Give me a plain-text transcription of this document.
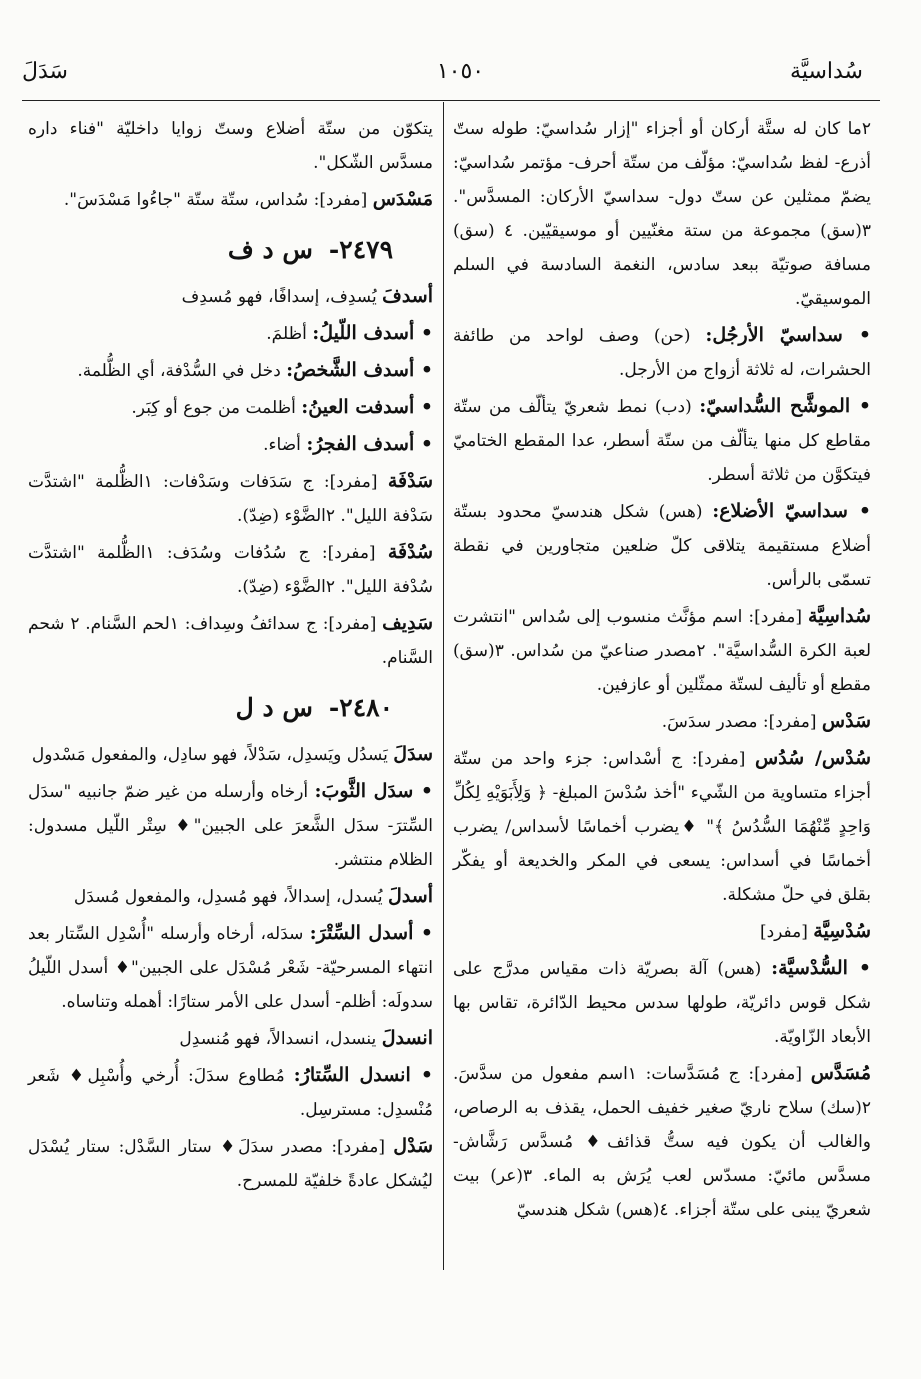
سُداسيَّة
١٠٥٠
سَدَلَ
٢ما كان له ستَّة أركان أو أجزاء "إزار سُداسيّ: طوله ستّ أذرع- لفظ سُداسيّ: مؤلّف من ستّة أحرف- مؤتمر سُداسيّ: يضمّ ممثلين عن ستّ دول- سداسيّ الأركان: المسدَّس". ٣(سق) مجموعة من ستة مغنّيين أو موسيقيّين. ٤ (سق) مسافة صوتيّة ببعد سادس، النغمة السادسة في السلم الموسيقيّ.
• سداسيّ الأرجُل: (حن) وصف لواحد من طائفة الحشرات، له ثلاثة أزواج من الأرجل.
• الموشَّح السُّداسيّ: (دب) نمط شعريّ يتألّف من ستّة مقاطع كل منها يتألّف من ستّة أسطر، عدا المقطع الختاميّ فيتكوَّن من ثلاثة أسطر.
• سداسيّ الأضلاع: (هس) شكل هندسيّ محدود بستّة أضلاع مستقيمة يتلاقى كلّ ضلعين متجاورين في نقطة تسمّى بالرأس.
سُداسِيَّة [مفرد]: اسم مؤنَّث منسوب إلى سُداس "انتشرت لعبة الكرة السُّداسيَّة". ٢مصدر صناعيّ من سُداس. ٣(سق) مقطع أو تأليف لستّة ممثّلين أو عازفين.
سَدْس [مفرد]: مصدر سدَسَ.
سُدْس/ سُدُس [مفرد]: ج أسْداس: جزء واحد من ستّة أجزاء متساوية من الشّيء "أخذ سُدْسَ المبلغ- ﴿ وَلِأَبَوَيْهِ لِكُلِّ وَاحِدٍ مِّنْهُمَا السُّدُسُ ﴾" ♦يضرب أخماسًا لأسداس/ يضرب أخماسًا في أسداس: يسعى في المكر والخديعة أو يفكّر بقلق في حلّ مشكلة.
سُدْسِيَّة [مفرد]
• السُّدْسيَّة: (هس) آلة بصريّة ذات مقياس مدرَّج على شكل قوس دائريّة، طولها سدس محيط الدّائرة، تقاس بها الأبعاد الزّاويّة.
مُسَدَّس [مفرد]: ج مُسَدَّسات: ١اسم مفعول من سدَّسَ. ٢(سك) سلاح ناريّ صغير خفيف الحمل، يقذف به الرصاص، والغالب أن يكون فيه ستُّ قذائف♦ مُسدَّس رَشَّاش- مسدَّس مائيّ: مسدّس لعب يُرَش به الماء. ٣(عر) بيت شعريّ يبنى على ستّة أجزاء. ٤(هس) شكل هندسيّ
يتكوّن من ستّة أضلاع وستّ زوايا داخليّة "فناء داره مسدَّس الشّكل".
مَسْدَس [مفرد]: سُداس، ستّة ستّة "جاءُوا مَسْدَسَ".
٢٤٧٩-س د ف
أسدفَ يُسدِف، إسدافًا، فهو مُسدِف
• أسدف اللّيلُ: أظلمَ.
• أسدف الشَّخصُ: دخل في السُّدْفة، أي الظُّلمة.
• أسدفت العينُ: أظلمت من جوع أو كِبَر.
• أسدف الفجرُ: أضاء.
سَدْفَة [مفرد]: ج سَدَفات وسَدْفات: ١الظُّلمة "اشتدَّت سَدْفة الليل". ٢الضَّوْء (ضِدّ).
سُدْفَة [مفرد]: ج سُدُفات وسُدَف: ١الظُّلمة "اشتدَّت سُدْفة الليل". ٢الضَّوْء (ضِدّ).
سَدِيف [مفرد]: ج سدائفُ وسِداف: ١لحم السَّنام. ٢ شحم السَّنام.
٢٤٨٠-س د ل
سدَلَ يَسدُل ويَسدِل، سَدْلاً، فهو سادِل، والمفعول مَسْدول
• سدَل الثَّوبَ: أرخاه وأرسله من غير ضمّ جانبيه "سدَل السِّترَ- سدَل الشَّعرَ على الجبين"♦ سِتْر اللّيل مسدول: الظلام منتشر.
أسدلَ يُسدل، إسدالاً، فهو مُسدِل، والمفعول مُسدَل
• أسدل السِّتْرَ: سدَله، أرخاه وأرسله "أُسْدِل السِّتار بعد انتهاء المسرحيّة- شَعْر مُسْدَل على الجبين"♦ أسدل اللّيلُ سدولَه: أظلم- أسدل على الأمر ستارًا: أهمله وتناساه.
انسدلَ ينسدل، انسدالاً، فهو مُنسدِل
• انسدل السِّتارُ: مُطاوع سدَلَ: أُرخي وأُسْبِل♦ شَعر مُنْسدِل: مسترسِل.
سَدْل [مفرد]: مصدر سدَلَ♦ ستار السَّدْل: ستار يُسْدَل ليُشكل عادةً خلفيّة للمسرح.
